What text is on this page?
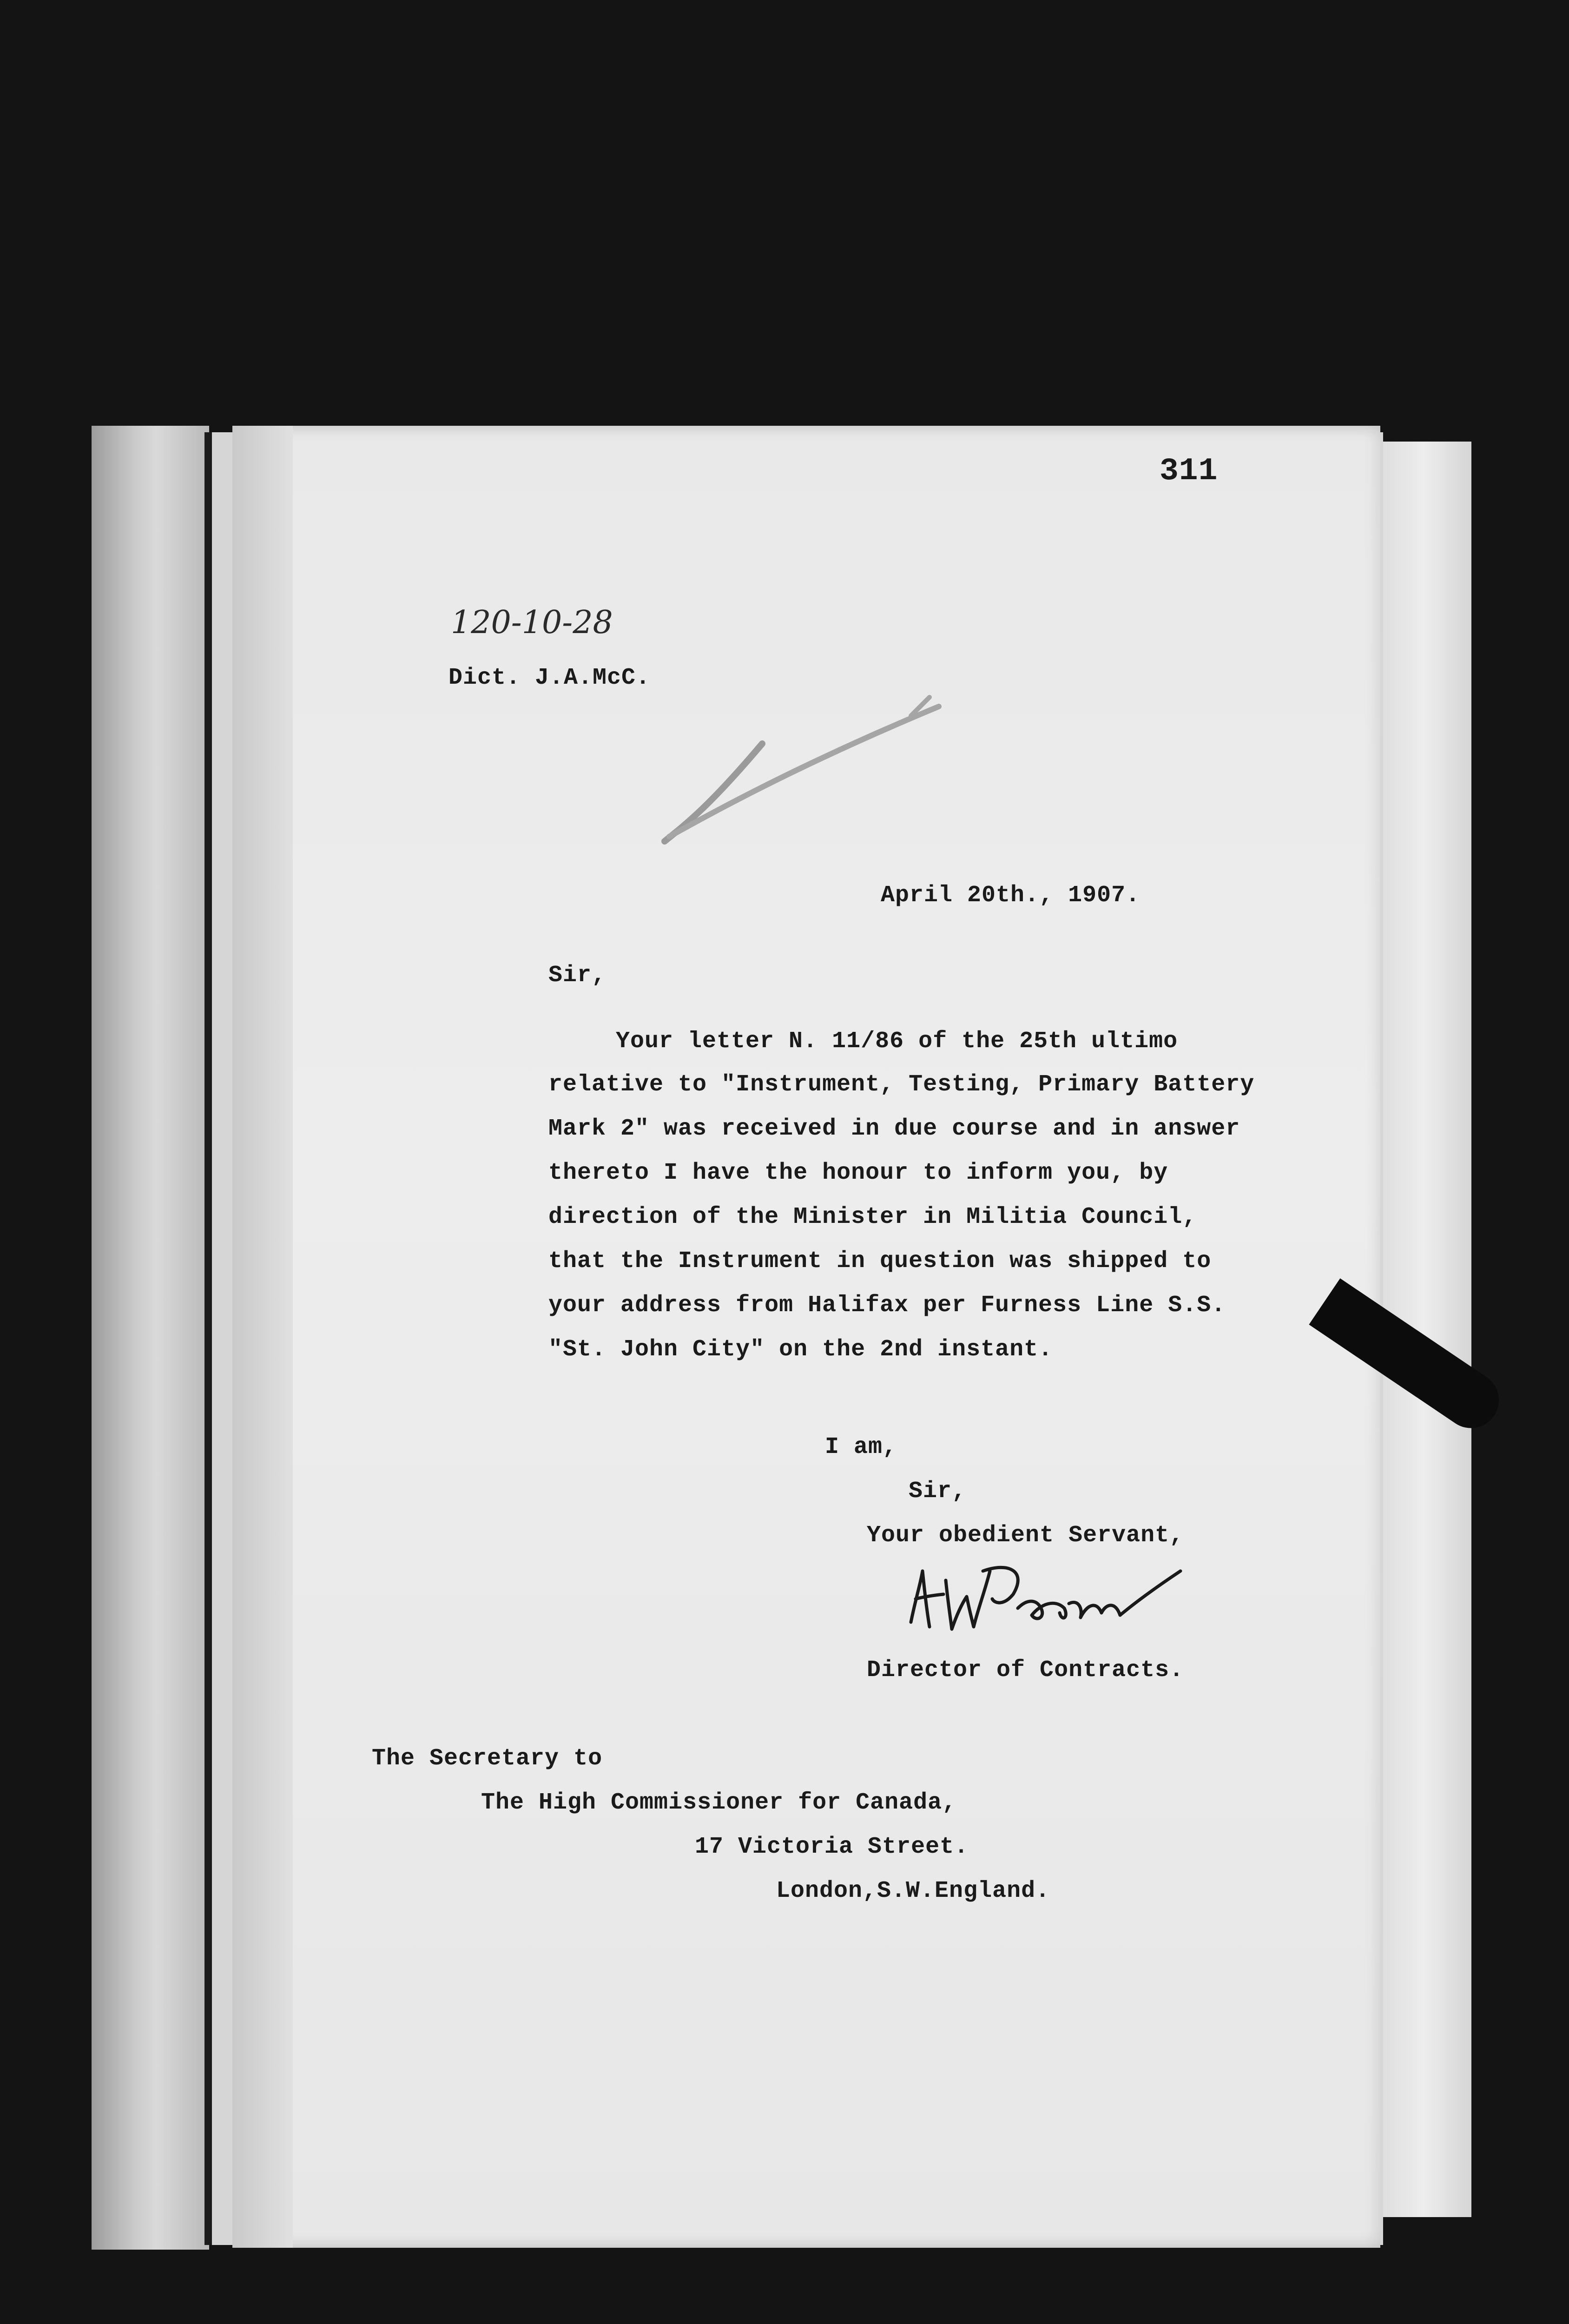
311
120-10-28
Dict. J.A.McC.
April 20th., 1907.
Sir,
Your letter N. 11/86 of the 25th ultimo
relative to "Instrument, Testing, Primary Battery
Mark 2" was received in due course and in answer
thereto I have the honour to inform you, by
direction of the Minister in Militia Council,
that the Instrument in question was shipped to
your address from Halifax per Furness Line S.S.
"St. John City" on the 2nd instant.
I am,
Sir,
Your obedient Servant,
Director of Contracts.
The Secretary to
The High Commissioner for Canada,
17 Victoria Street.
London,S.W.England.
